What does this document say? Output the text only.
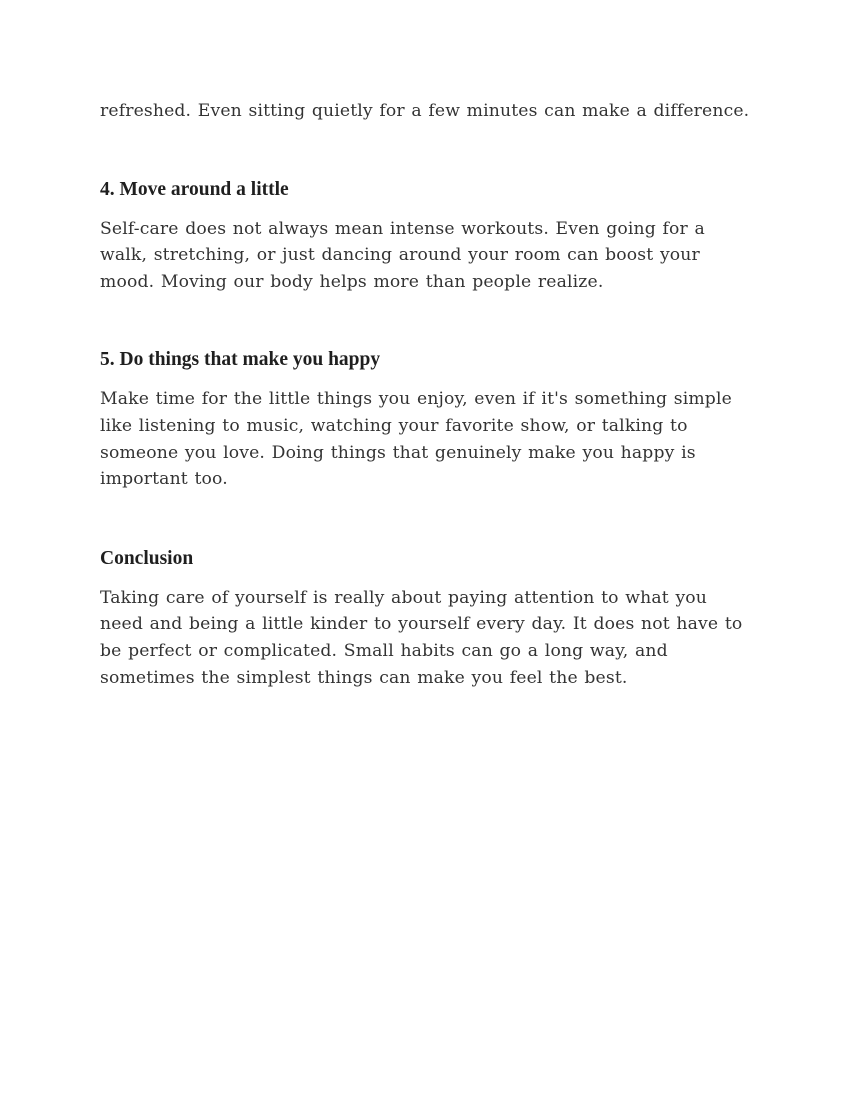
refreshed. Even sitting quietly for a few minutes can make a difference.

4. Move around a little

Self-care does not always mean intense workouts. Even going for a walk, stretching, or just dancing around your room can boost your mood. Moving our body helps more than people realize.

5. Do things that make you happy

Make time for the little things you enjoy, even if it's something simple like listening to music, watching your favorite show, or talking to someone you love. Doing things that genuinely make you happy is important too.

Conclusion

Taking care of yourself is really about paying attention to what you need and being a little kinder to yourself every day. It does not have to be perfect or complicated. Small habits can go a long way, and sometimes the simplest things can make you feel the best.
